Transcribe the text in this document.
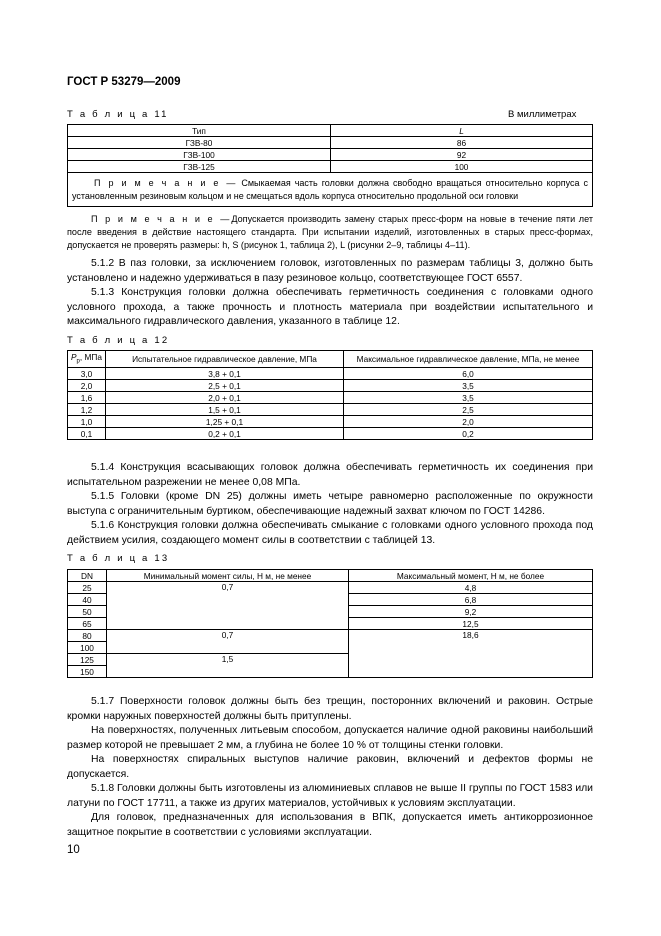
ГОСТ Р 53279—2009
Т а б л и ц а 11	В миллиметрах
Тип	L
ГЗВ-80	86
ГЗВ-100	92
ГЗВ-125	100
П р и м е ч а н и е — Смыкаемая часть головки должна свободно вращаться относительно корпуса с установленным резиновым кольцом и не смещаться вдоль корпуса относительно продольной оси головки	
П р и м е ч а н и е —Допускается производить замену старых пресс-форм на новые в течение пяти лет после введения в действие настоящего стандарта. При испытании изделий, изготовленных в старых пресс-формах, допускается не проверять размеры: h, S (рисунок 1, таблица 2), L (рисунки 2–9, таблицы 4–11).
5.1.2 В паз головки, за исключением головок, изготовленных по размерам таблицы 3, должно быть установлено и надежно удерживаться в пазу резиновое кольцо, соответствующее ГОСТ 6557.
5.1.3 Конструкция головки должна обеспечивать герметичность соединения с головками одного условного прохода, а также прочность и плотность материала при воздействии испытательного и максимального гидравлического давления, указанного в таблице 12.
Т а б л и ц а 12
$P_р$, МПа	Испытательное гидравлическое давление, МПа	Максимальное гидравлическое давление, МПа, не менее
3,0	3,8 + 0,1	6,0
2,0	2,5 + 0,1	3,5
1,6	2,0 + 0,1	3,5
1,2	1,5 + 0,1	2,5
1,0	1,25 + 0,1	2,0
0,1	0,2 + 0,1	0,2
5.1.4 Конструкция всасывающих головок должна обеспечивать герметичность их соединения при испытательном разрежении не менее 0,08 МПа.
5.1.5 Головки (кроме DN 25) должны иметь четыре равномерно расположенные по окружности выступа с ограничительным буртиком, обеспечивающие надежный захват ключом по ГОСТ 14286.
5.1.6 Конструкция головки должна обеспечивать смыкание с головками одного условного прохода под действием усилия, создающего момент силы в соответствии с таблицей 13.
Т а б л и ц а 13
DN	Минимальный момент силы, Н м, не менее	Максимальный момент, Н м, не более
25	0,7	4,8
40		6,8
50		9,2
65		12,5
80	0,7	18,6
100		
125	1,5	
150		
5.1.7 Поверхности головок должны быть без трещин, посторонних включений и раковин. Острые кромки наружных поверхностей должны быть притуплены.
На поверхностях, полученных литьевым способом, допускается наличие одной раковины наибольший размер которой не превышает 2 мм, а глубина не более 10 % от толщины стенки головки.
На поверхностях спиральных выступов наличие раковин, включений и дефектов формы не допускается.
5.1.8 Головки должны быть изготовлены из алюминиевых сплавов не выше II группы по ГОСТ 1583 или латуни по ГОСТ 17711, а также из других материалов, устойчивых к условиям эксплуатации.
Для головок, предназначенных для использования в ВПК, допускается иметь антикоррозионное защитное покрытие в соответствии с условиями эксплуатации.
10
